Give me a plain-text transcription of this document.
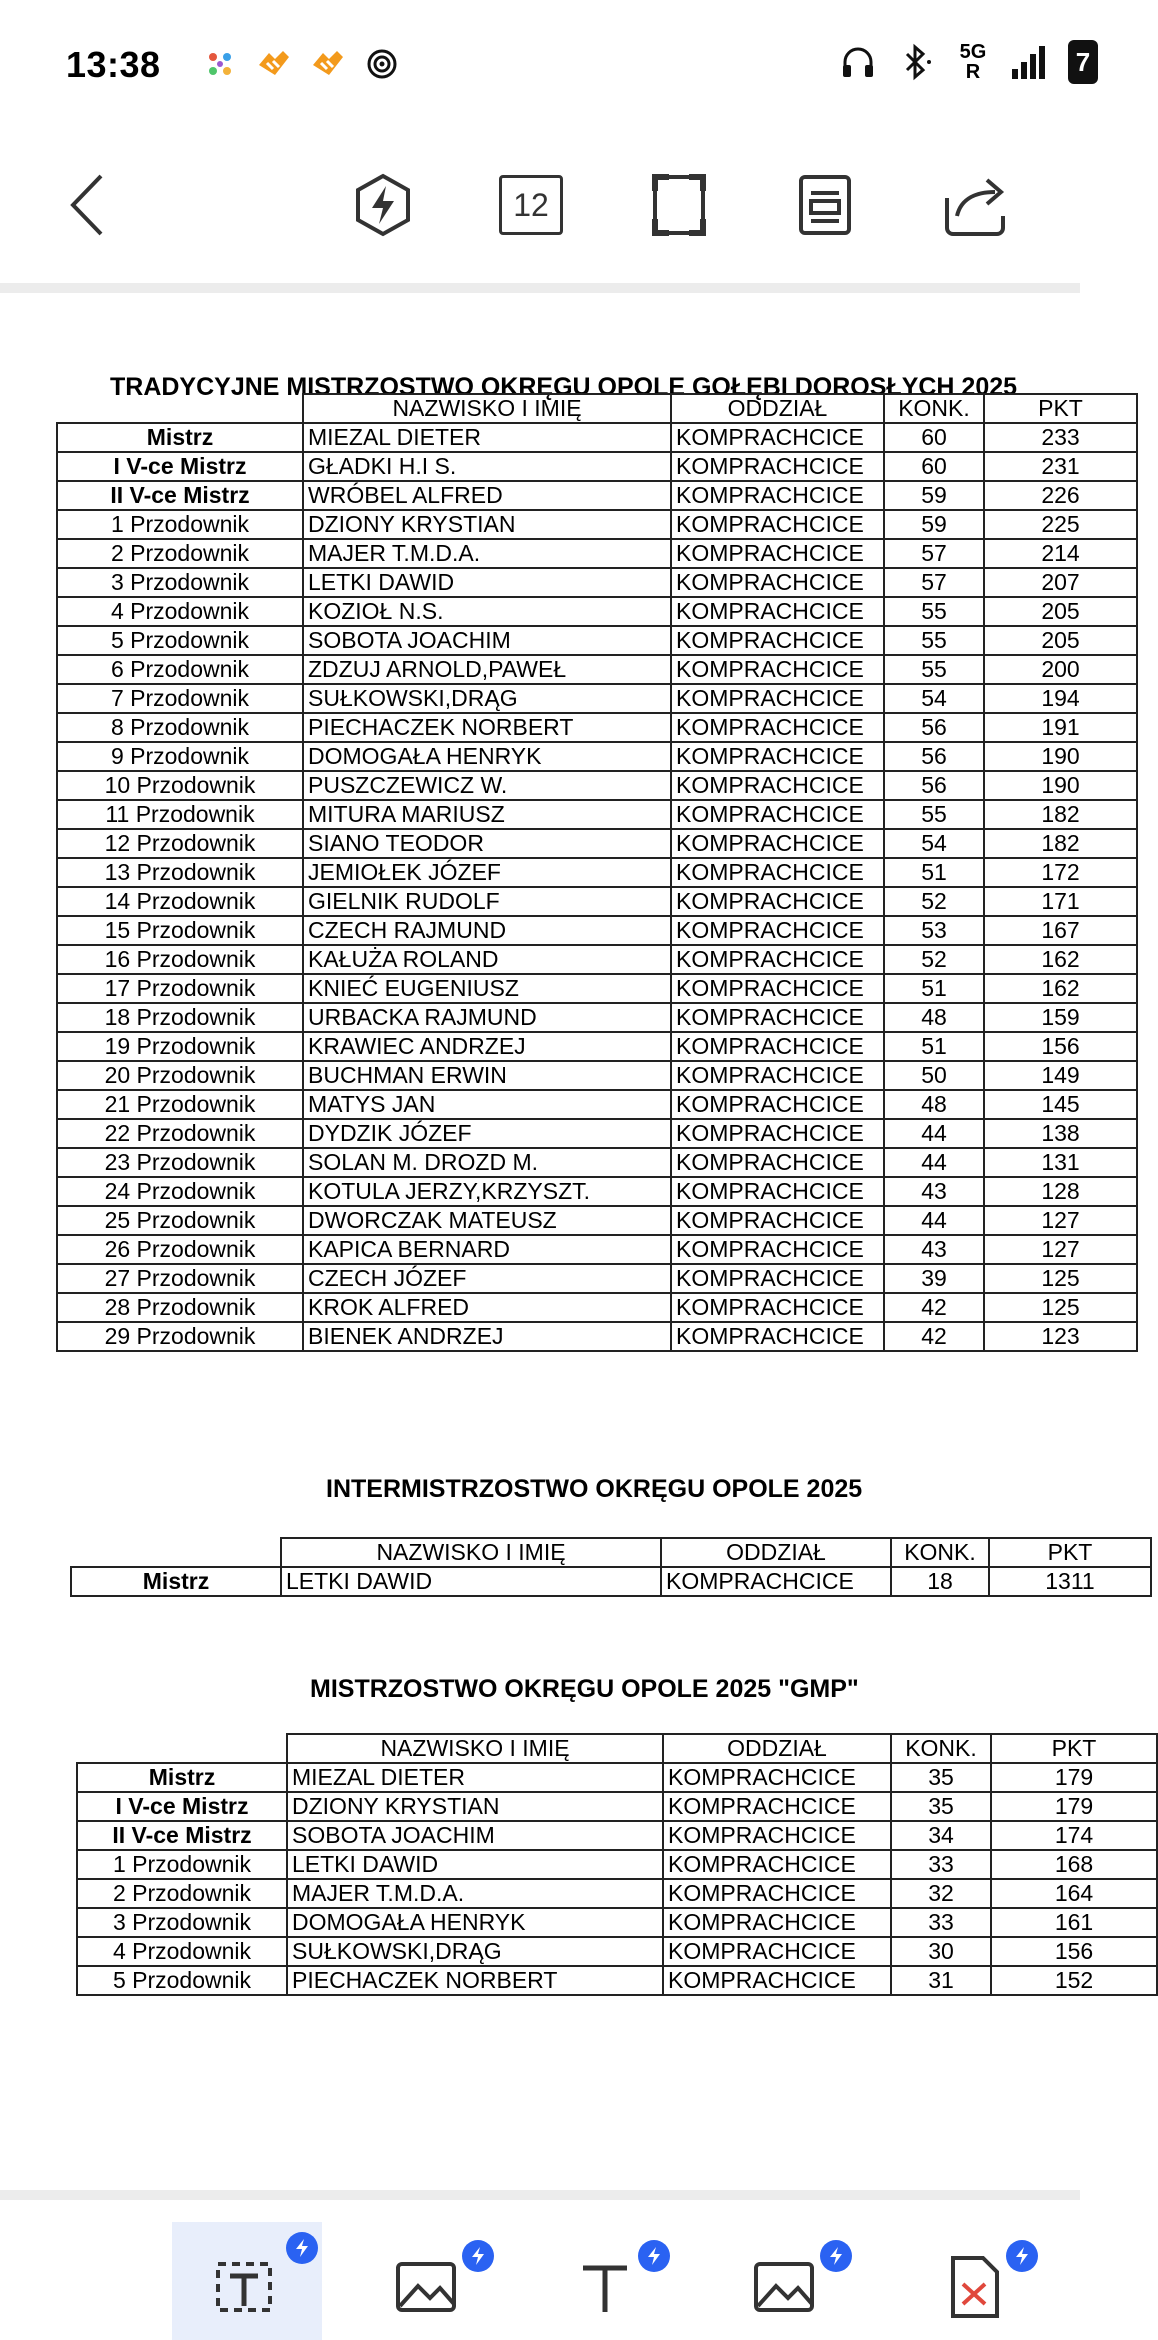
13:38	5G
R	7
12
TRADYCYJNE MISTRZOSTWO OKRĘGU OPOLE GOŁĘBI DOROSŁYCH 2025
	NAZWISKO I IMIĘ	ODDZIAŁ	KONK.	PKT
Mistrz	MIEZAL DIETER	KOMPRACHCICE	60	233
I V-ce Mistrz	GŁADKI H.I S.	KOMPRACHCICE	60	231
II V-ce Mistrz	WRÓBEL ALFRED	KOMPRACHCICE	59	226
1 Przodownik	DZIONY KRYSTIAN	KOMPRACHCICE	59	225
2 Przodownik	MAJER T.M.D.A.	KOMPRACHCICE	57	214
3 Przodownik	LETKI DAWID	KOMPRACHCICE	57	207
4 Przodownik	KOZIOŁ N.S.	KOMPRACHCICE	55	205
5 Przodownik	SOBOTA JOACHIM	KOMPRACHCICE	55	205
6 Przodownik	ZDZUJ ARNOLD,PAWEŁ	KOMPRACHCICE	55	200
7 Przodownik	SUŁKOWSKI,DRĄG	KOMPRACHCICE	54	194
8 Przodownik	PIECHACZEK NORBERT	KOMPRACHCICE	56	191
9 Przodownik	DOMOGAŁA HENRYK	KOMPRACHCICE	56	190
10 Przodownik	PUSZCZEWICZ W.	KOMPRACHCICE	56	190
11 Przodownik	MITURA MARIUSZ	KOMPRACHCICE	55	182
12 Przodownik	SIANO TEODOR	KOMPRACHCICE	54	182
13 Przodownik	JEMIOŁEK JÓZEF	KOMPRACHCICE	51	172
14 Przodownik	GIELNIK RUDOLF	KOMPRACHCICE	52	171
15 Przodownik	CZECH RAJMUND	KOMPRACHCICE	53	167
16 Przodownik	KAŁUŻA ROLAND	KOMPRACHCICE	52	162
17 Przodownik	KNIEĆ EUGENIUSZ	KOMPRACHCICE	51	162
18 Przodownik	URBACKA RAJMUND	KOMPRACHCICE	48	159
19 Przodownik	KRAWIEC ANDRZEJ	KOMPRACHCICE	51	156
20 Przodownik	BUCHMAN ERWIN	KOMPRACHCICE	50	149
21 Przodownik	MATYS JAN	KOMPRACHCICE	48	145
22 Przodownik	DYDZIK JÓZEF	KOMPRACHCICE	44	138
23 Przodownik	SOLAN M. DROZD M.	KOMPRACHCICE	44	131
24 Przodownik	KOTULA JERZY,KRZYSZT.	KOMPRACHCICE	43	128
25 Przodownik	DWORCZAK MATEUSZ	KOMPRACHCICE	44	127
26 Przodownik	KAPICA BERNARD	KOMPRACHCICE	43	127
27 Przodownik	CZECH JÓZEF	KOMPRACHCICE	39	125
28 Przodownik	KROK ALFRED	KOMPRACHCICE	42	125
29 Przodownik	BIENEK ANDRZEJ	KOMPRACHCICE	42	123
INTERMISTRZOSTWO OKRĘGU OPOLE 2025
	NAZWISKO I IMIĘ	ODDZIAŁ	KONK.	PKT
Mistrz	LETKI DAWID	KOMPRACHCICE	18	1311
MISTRZOSTWO OKRĘGU OPOLE 2025 "GMP"
	NAZWISKO I IMIĘ	ODDZIAŁ	KONK.	PKT
Mistrz	MIEZAL DIETER	KOMPRACHCICE	35	179
I V-ce Mistrz	DZIONY KRYSTIAN	KOMPRACHCICE	35	179
II V-ce Mistrz	SOBOTA JOACHIM	KOMPRACHCICE	34	174
1 Przodownik	LETKI DAWID	KOMPRACHCICE	33	168
2 Przodownik	MAJER T.M.D.A.	KOMPRACHCICE	32	164
3 Przodownik	DOMOGAŁA HENRYK	KOMPRACHCICE	33	161
4 Przodownik	SUŁKOWSKI,DRĄG	KOMPRACHCICE	30	156
5 Przodownik	PIECHACZEK NORBERT	KOMPRACHCICE	31	152
